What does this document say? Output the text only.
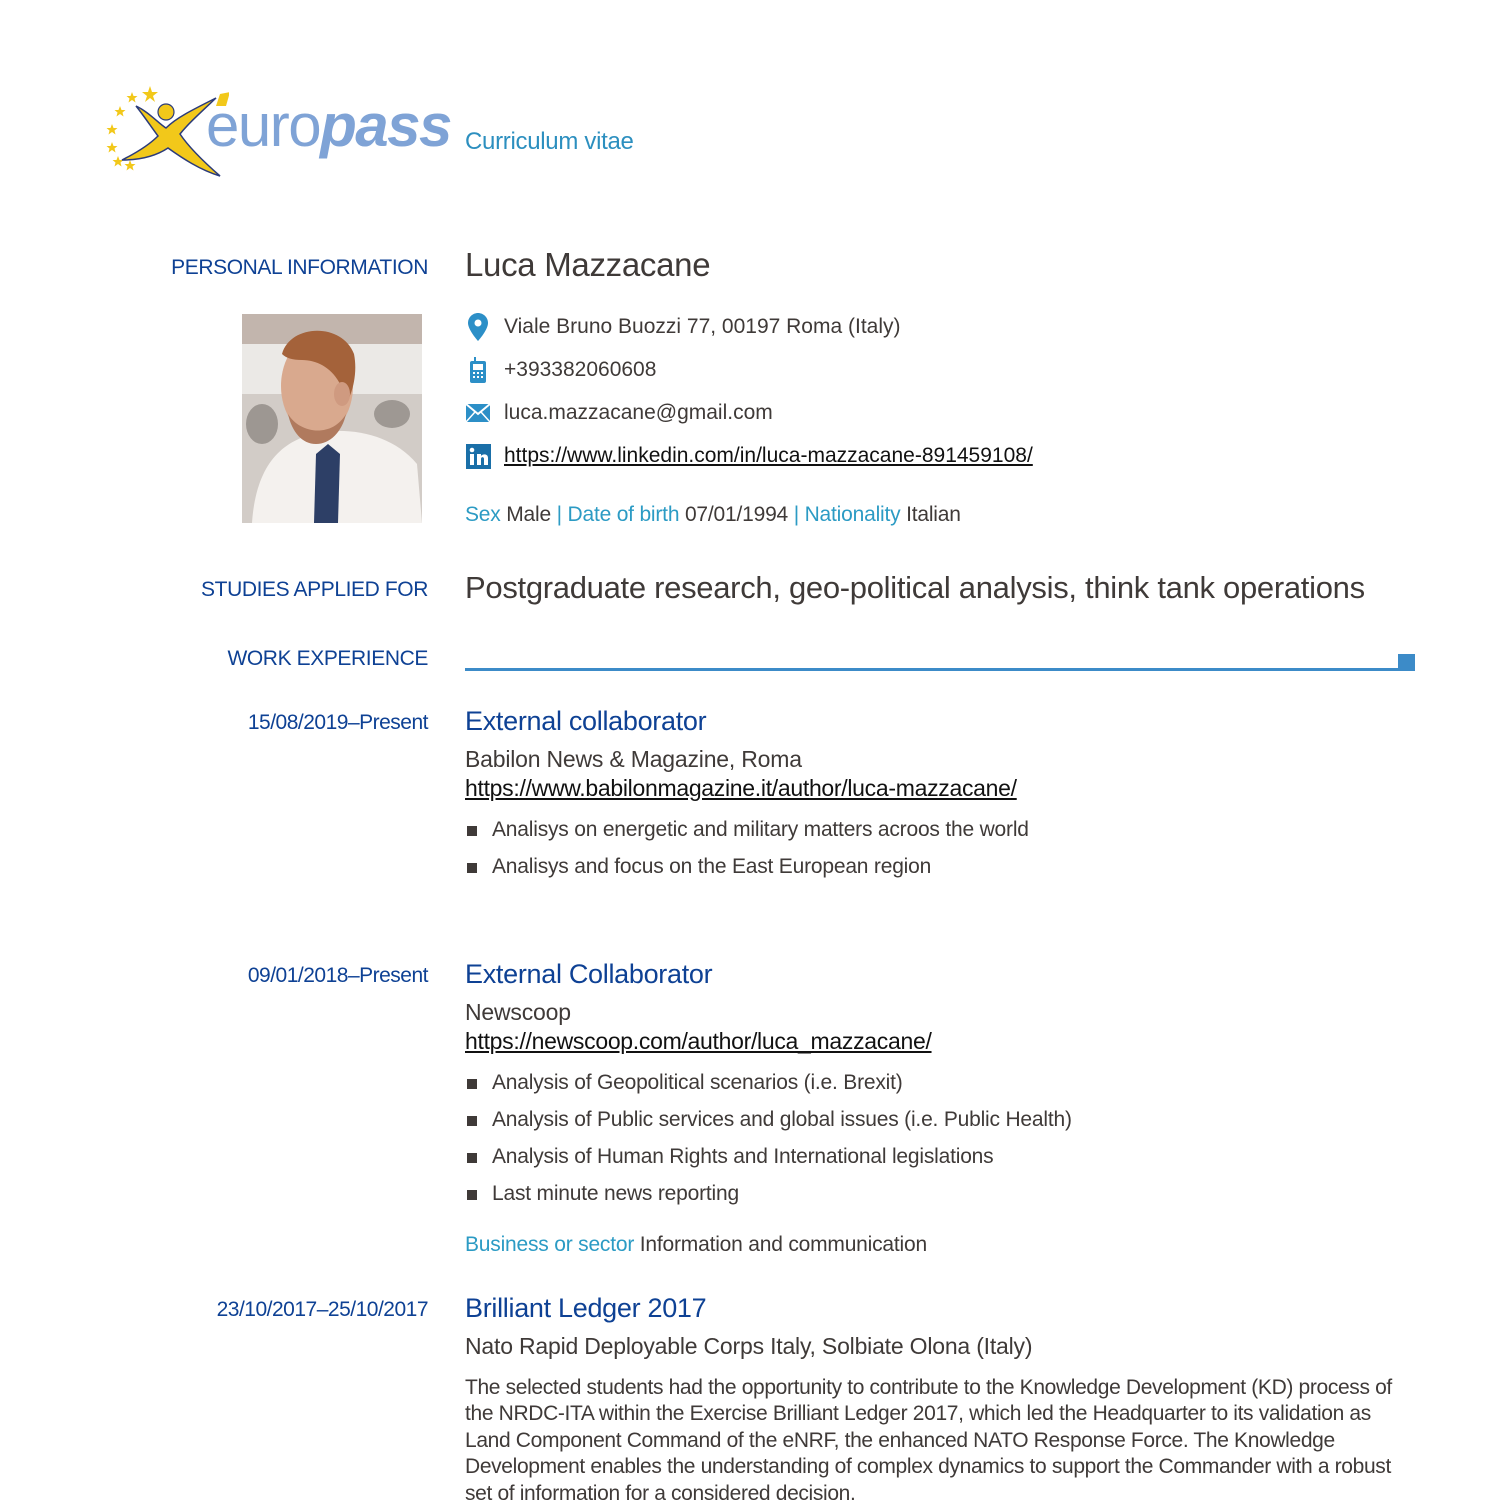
europass Curriculum vitae
PERSONAL INFORMATION Luca Mazzacane
Viale Bruno Buozzi 77, 00197 Roma (Italy)
+393382060608
luca.mazzacane@gmail.com
https://www.linkedin.com/in/luca-mazzacane-891459108/
Sex Male | Date of birth 07/01/1994 | Nationality Italian
STUDIES APPLIED FOR Postgraduate research, geo-political analysis, think tank operations
WORK EXPERIENCE
15/08/2019–Present External collaborator
Babilon News & Magazine, Roma
https://www.babilonmagazine.it/author/luca-mazzacane/
Analisys on energetic and military matters acroos the world
Analisys and focus on the East European region
09/01/2018–Present External Collaborator
Newscoop
https://newscoop.com/author/luca_mazzacane/
Analysis of Geopolitical scenarios (i.e. Brexit)
Analysis of Public services and global issues (i.e. Public Health)
Analysis of Human Rights and International legislations
Last minute news reporting
Business or sector Information and communication
23/10/2017–25/10/2017 Brilliant Ledger 2017
Nato Rapid Deployable Corps Italy, Solbiate Olona (Italy)
The selected students had the opportunity to contribute to the Knowledge Development (KD) process of the NRDC-ITA within the Exercise Brilliant Ledger 2017, which led the Headquarter to its validation as Land Component Command of the eNRF, the enhanced NATO Response Force. The Knowledge Development enables the understanding of complex dynamics to support the Commander with a robust set of information for a considered decision.
